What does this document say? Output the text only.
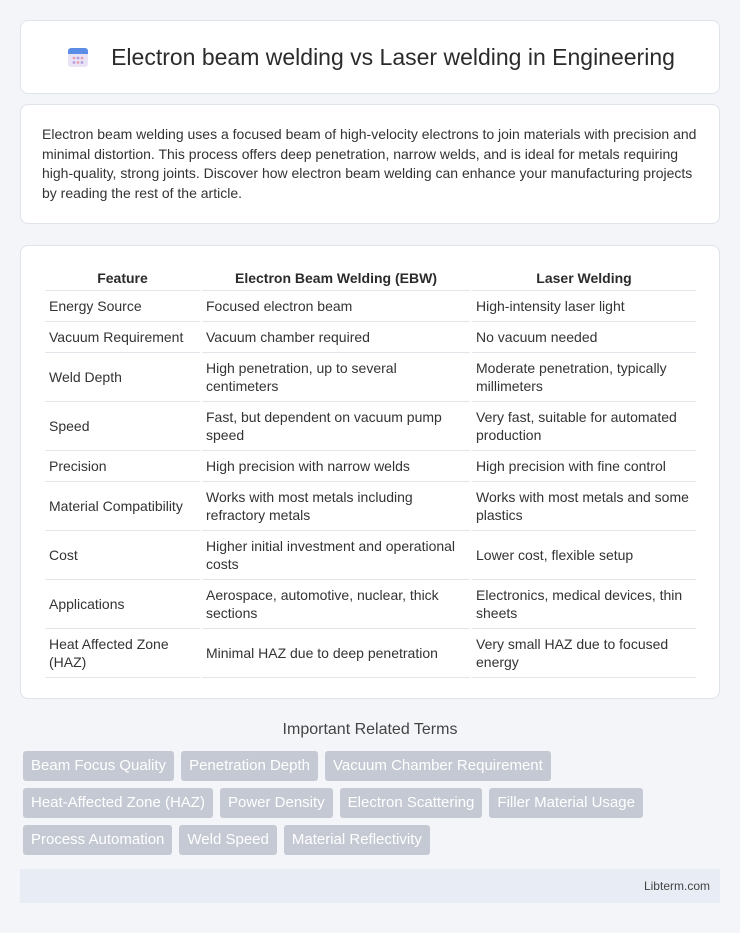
Electron beam welding vs Laser welding in Engineering

Electron beam welding uses a focused beam of high-velocity electrons to join materials with precision and minimal distortion. This process offers deep penetration, narrow welds, and is ideal for metals requiring high-quality, strong joints. Discover how electron beam welding can enhance your manufacturing projects by reading the rest of the article.

Feature	Electron Beam Welding (EBW)	Laser Welding
Energy Source	Focused electron beam	High-intensity laser light
Vacuum Requirement	Vacuum chamber required	No vacuum needed
Weld Depth	High penetration, up to several centimeters	Moderate penetration, typically millimeters
Speed	Fast, but dependent on vacuum pump speed	Very fast, suitable for automated production
Precision	High precision with narrow welds	High precision with fine control
Material Compatibility	Works with most metals including refractory metals	Works with most metals and some plastics
Cost	Higher initial investment and operational costs	Lower cost, flexible setup
Applications	Aerospace, automotive, nuclear, thick sections	Electronics, medical devices, thin sheets
Heat Affected Zone (HAZ)	Minimal HAZ due to deep penetration	Very small HAZ due to focused energy
Important Related Terms
Beam Focus Quality	Penetration Depth	Vacuum Chamber Requirement
Heat-Affected Zone (HAZ)	Power Density	Electron Scattering	Filler Material Usage
Process Automation	Weld Speed	Material Reflectivity
Libterm.com
